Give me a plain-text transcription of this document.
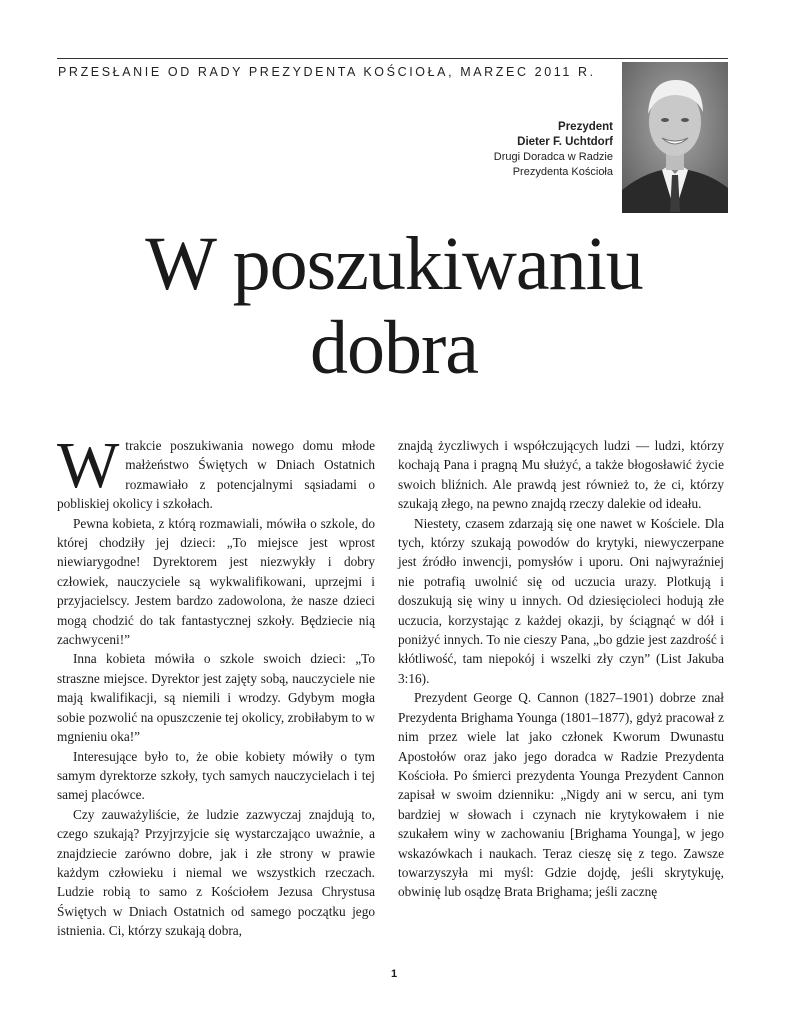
PRZESŁANIE OD RADY PREZYDENTA KOŚCIOŁA, MARZEC 2011 R.
Prezydent
Dieter F. Uchtdorf
Drugi Doradca w Radzie
Prezydenta Kościoła
W poszukiwaniu
dobra

Wtrakcie poszukiwania nowego domu młode małżeństwo Świętych w Dniach Ostatnich rozmawiało z potencjalnymi sąsiadami o pobliskiej okolicy i szkołach.

Pewna kobieta, z którą rozmawiali, mówiła o szkole, do której chodziły jej dzieci: „To miejsce jest wprost niewiarygodne! Dyrektorem jest niezwykły i dobry człowiek, nauczyciele są wykwalifikowani, uprzejmi i przyjacielscy. Jestem bardzo zadowolona, że nasze dzieci mogą chodzić do tak fantastycznej szkoły. Będziecie nią zachwyceni!”

Inna kobieta mówiła o szkole swoich dzieci: „To straszne miejsce. Dyrektor jest zajęty sobą, nauczyciele nie mają kwalifikacji, są niemili i wrodzy. Gdybym mogła sobie pozwolić na opuszczenie tej okolicy, zrobiłabym to w mgnieniu oka!”

Interesujące było to, że obie kobiety mówiły o tym samym dyrektorze szkoły, tych samych nauczycielach i tej samej placówce.

Czy zauważyliście, że ludzie zazwyczaj znajdują to, czego szukają? Przyjrzyjcie się wystarczająco uważnie, a znajdziecie zarówno dobre, jak i złe strony w prawie każdym człowieku i niemal we wszystkich rzeczach. Ludzie robią to samo z Kościołem Jezusa Chrystusa Świętych w Dniach Ostatnich od samego początku jego istnienia. Ci, którzy szukają dobra,

znajdą życzliwych i współczujących ludzi — ludzi, którzy kochają Pana i pragną Mu służyć, a także błogosławić życie swoich bliźnich. Ale prawdą jest również to, że ci, którzy szukają złego, na pewno znajdą rzeczy dalekie od ideału.

Niestety, czasem zdarzają się one nawet w Kościele. Dla tych, którzy szukają powodów do krytyki, niewyczerpane jest źródło inwencji, pomysłów i uporu. Oni najwyraźniej nie potrafią uwolnić się od uczucia urazy. Plotkują i doszukują się winy u innych. Od dziesięcioleci hodują złe uczucia, korzystając z każdej okazji, by ściągnąć w dół i poniżyć innych. To nie cieszy Pana, „bo gdzie jest zazdrość i kłótliwość, tam niepokój i wszelki zły czyn” (List Jakuba 3:16).

Prezydent George Q. Cannon (1827–1901) dobrze znał Prezydenta Brighama Younga (1801–1877), gdyż pracował z nim przez wiele lat jako członek Kworum Dwunastu Apostołów oraz jako jego doradca w Radzie Prezydenta Kościoła. Po śmierci prezydenta Younga Prezydent Cannon zapisał w swoim dzienniku: „Nigdy ani w sercu, ani tym bardziej w słowach i czynach nie krytykowałem i nie szukałem winy w zachowaniu [Brighama Younga], w jego wskazówkach i naukach. Teraz cieszę się z tego. Zawsze towarzyszyła mi myśl: Gdzie dojdę, jeśli skrytykuję, obwinię lub osądzę Brata Brighama; jeśli zacznę

1
